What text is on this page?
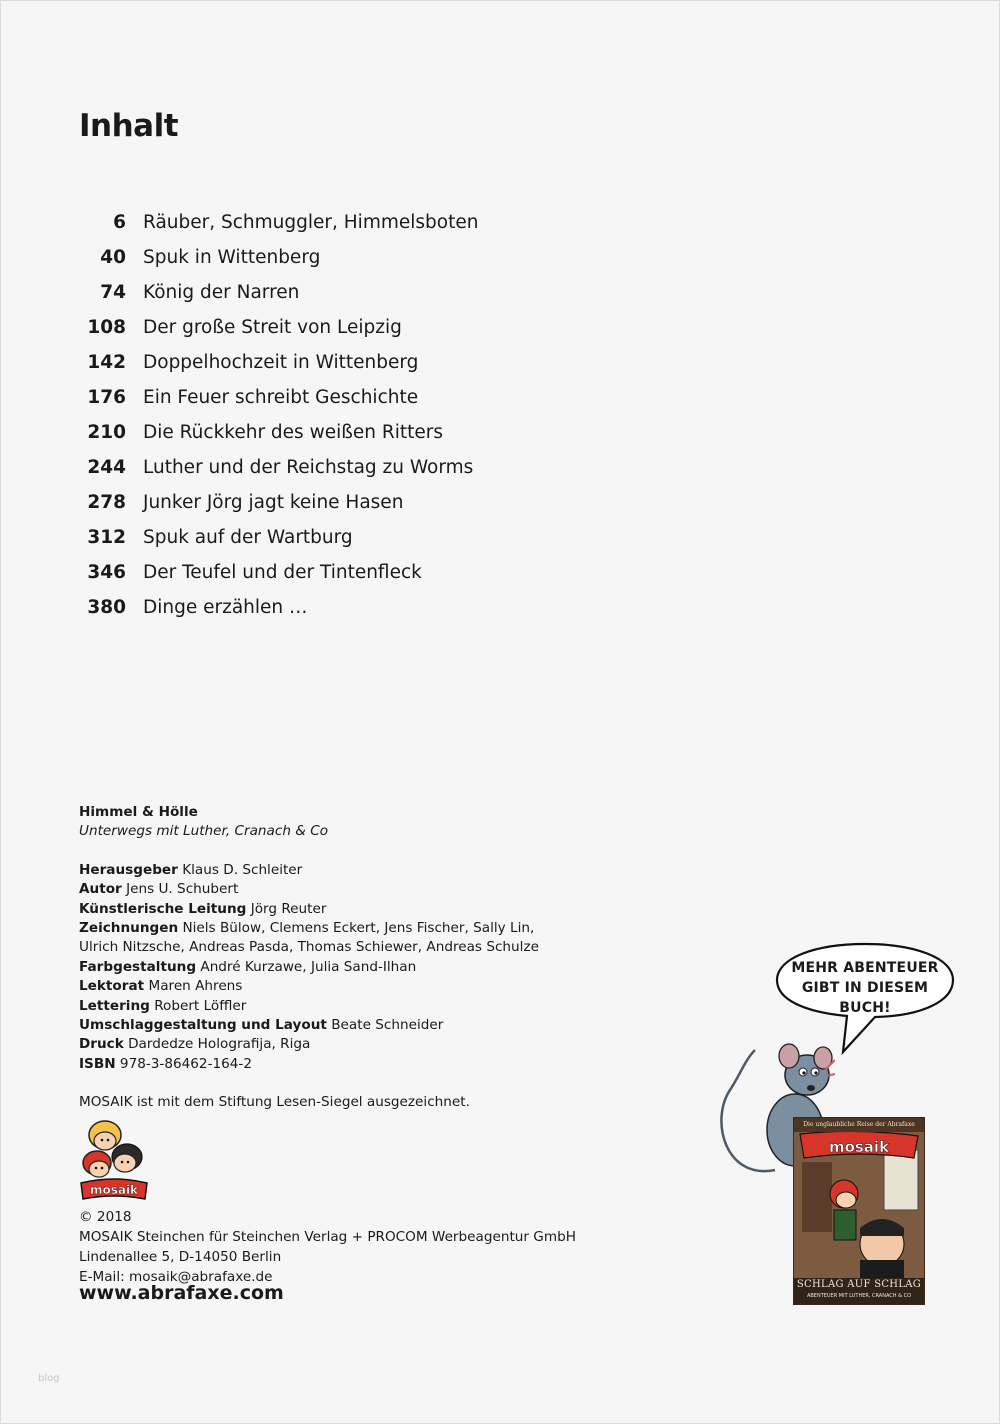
Inhalt
6 Räuber, Schmuggler, Himmelsboten
40 Spuk in Wittenberg
74 König der Narren
108 Der große Streit von Leipzig
142 Doppelhochzeit in Wittenberg
176 Ein Feuer schreibt Geschichte
210 Die Rückkehr des weißen Ritters
244 Luther und der Reichstag zu Worms
278 Junker Jörg jagt keine Hasen
312 Spuk auf der Wartburg
346 Der Teufel und der Tintenfleck
380 Dinge erzählen …
Himmel & Hölle
Unterwegs mit Luther, Cranach & Co
Herausgeber Klaus D. Schleiter
Autor Jens U. Schubert
Künstlerische Leitung Jörg Reuter
Zeichnungen Niels Bülow, Clemens Eckert, Jens Fischer, Sally Lin,
Ulrich Nitzsche, Andreas Pasda, Thomas Schiewer, Andreas Schulze
Farbgestaltung André Kurzawe, Julia Sand-Ilhan
Lektorat Maren Ahrens
Lettering Robert Löffler
Umschlaggestaltung und Layout Beate Schneider
Druck Dardedze Holografija, Riga
ISBN 978-3-86462-164-2
MOSAIK ist mit dem Stiftung Lesen-Siegel ausgezeichnet.
mosaik
© 2018
MOSAIK Steinchen für Steinchen Verlag + PROCOM Werbeagentur GmbH
Lindenallee 5, D-14050 Berlin
E-Mail: mosaik@abrafaxe.de
www.abrafaxe.com
MEHR ABENTEUER
GIBT IN DIESEM BUCH!
Die unglaubliche Reise der Abrafaxe
mosaik
SCHLAG AUF SCHLAG
ABENTEUER MIT LUTHER, CRANACH & CO
blog
